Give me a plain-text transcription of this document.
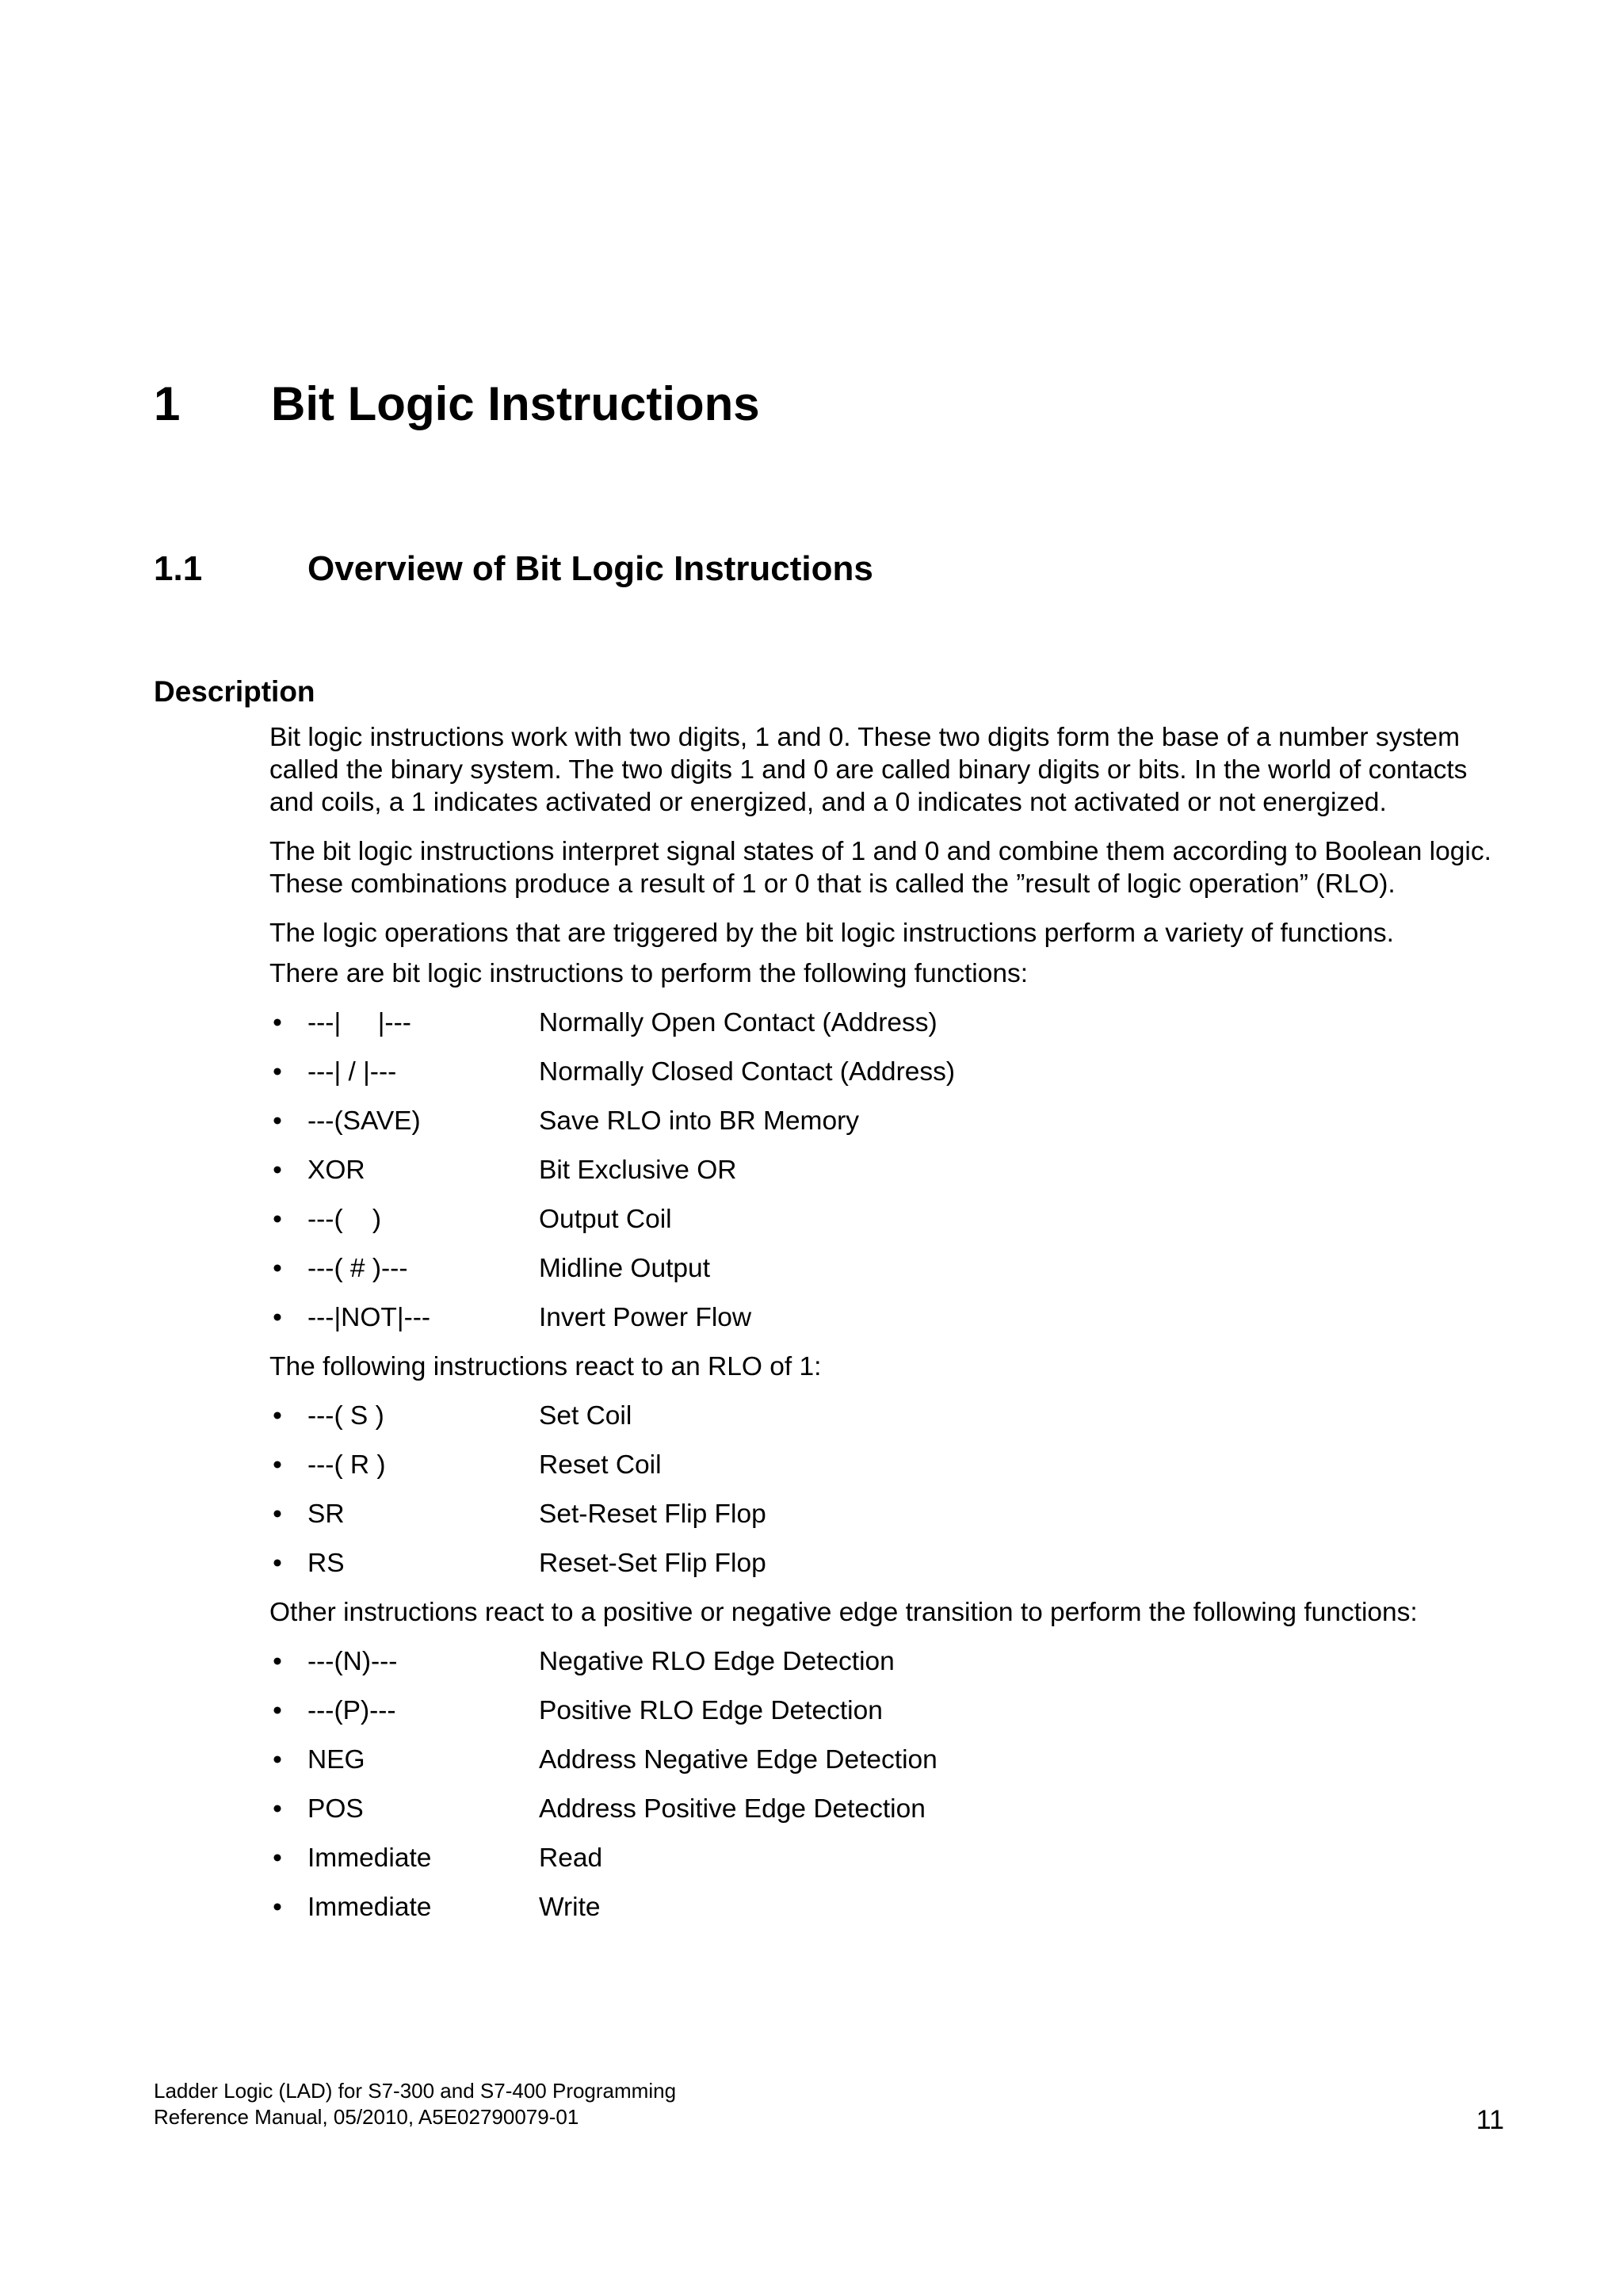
1 Bit Logic Instructions
1.1	Overview of Bit Logic Instructions
Description

Bit logic instructions work with two digits, 1 and 0. These two digits form the base of a number system called the binary system. The two digits 1 and 0 are called binary digits or bits. In the world of contacts and coils, a 1 indicates activated or energized, and a 0 indicates not activated or not energized.

The bit logic instructions interpret signal states of 1 and 0 and combine them according to Boolean logic. These combinations produce a result of 1 or 0 that is called the ”result of logic operation” (RLO).

The logic operations that are triggered by the bit logic instructions perform a variety of functions.

There are bit logic instructions to perform the following functions:
• ---|     |---	Normally Open Contact (Address)
• ---| / |---	Normally Closed Contact (Address)
• ---(SAVE)	Save RLO into BR Memory
• XOR	Bit Exclusive OR
• ---(    )	Output Coil
• ---( # )---	Midline Output
• ---|NOT|---	Invert Power Flow
The following instructions react to an RLO of 1:
• ---( S )	Set Coil
• ---( R )	Reset Coil
• SR	Set-Reset Flip Flop
• RS	Reset-Set Flip Flop
Other instructions react to a positive or negative edge transition to perform the following functions:
• ---(N)---	Negative RLO Edge Detection
• ---(P)---	Positive RLO Edge Detection
• NEG	Address Negative Edge Detection
• POS	Address Positive Edge Detection
• Immediate	Read
• Immediate	Write
Ladder Logic (LAD) for S7-300 and S7-400 Programming
Reference Manual, 05/2010, A5E02790079-01	11
